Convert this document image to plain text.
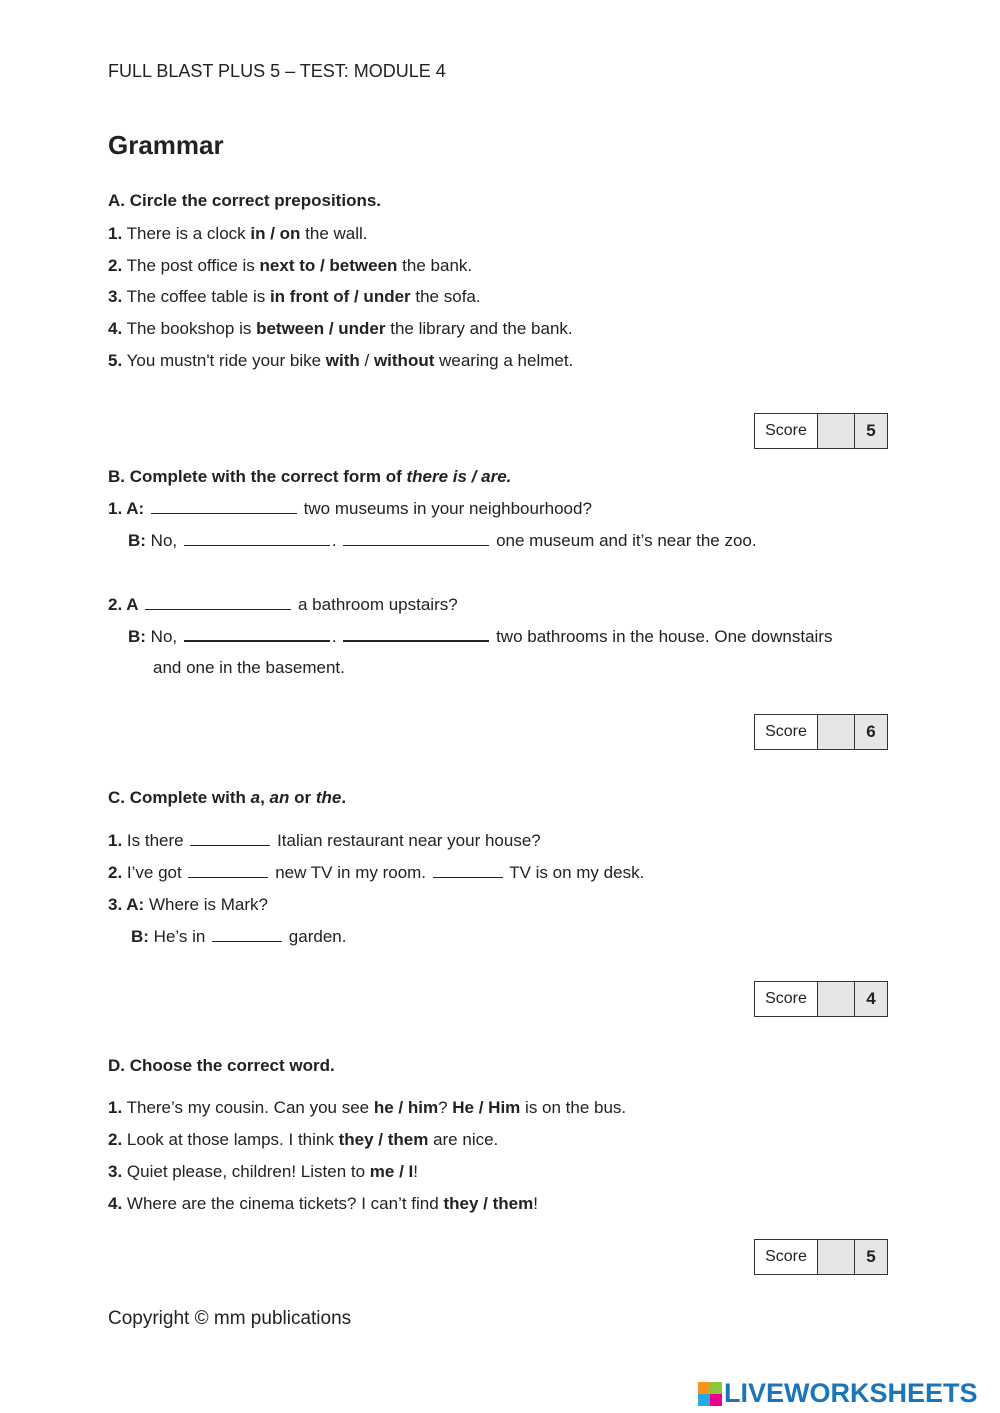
FULL BLAST PLUS 5 – TEST: MODULE 4
Grammar
A. Circle the correct prepositions.
1. There is a clock in / on the wall.
2. The post office is next to / between the bank.
3. The coffee table is in front of / under the sofa.
4. The bookshop is between / under the library and the bank.
5. You mustn't ride your bike with / without wearing a helmet.
Score	5
B. Complete with the correct form of there is / are.
1. A:	two museums in your neighbourhood?
B: No,	.	one museum and it’s near the zoo.
2. A	a bathroom upstairs?
B: No,	.	two bathrooms in the house. One downstairs
and one in the basement.
Score	6
C. Complete with a, an or the.
1. Is there	Italian restaurant near your house?
2. I’ve got	new TV in my room.	TV is on my desk.
3. A: Where is Mark?
B: He’s in	garden.
Score	4
D. Choose the correct word.
1. There’s my cousin. Can you see he / him? He / Him is on the bus.
2. Look at those lamps. I think they / them are nice.
3. Quiet please, children! Listen to me / I!
4. Where are the cinema tickets? I can’t find they / them!
Score	5
Copyright © mm publications
LIVEWORKSHEETS
